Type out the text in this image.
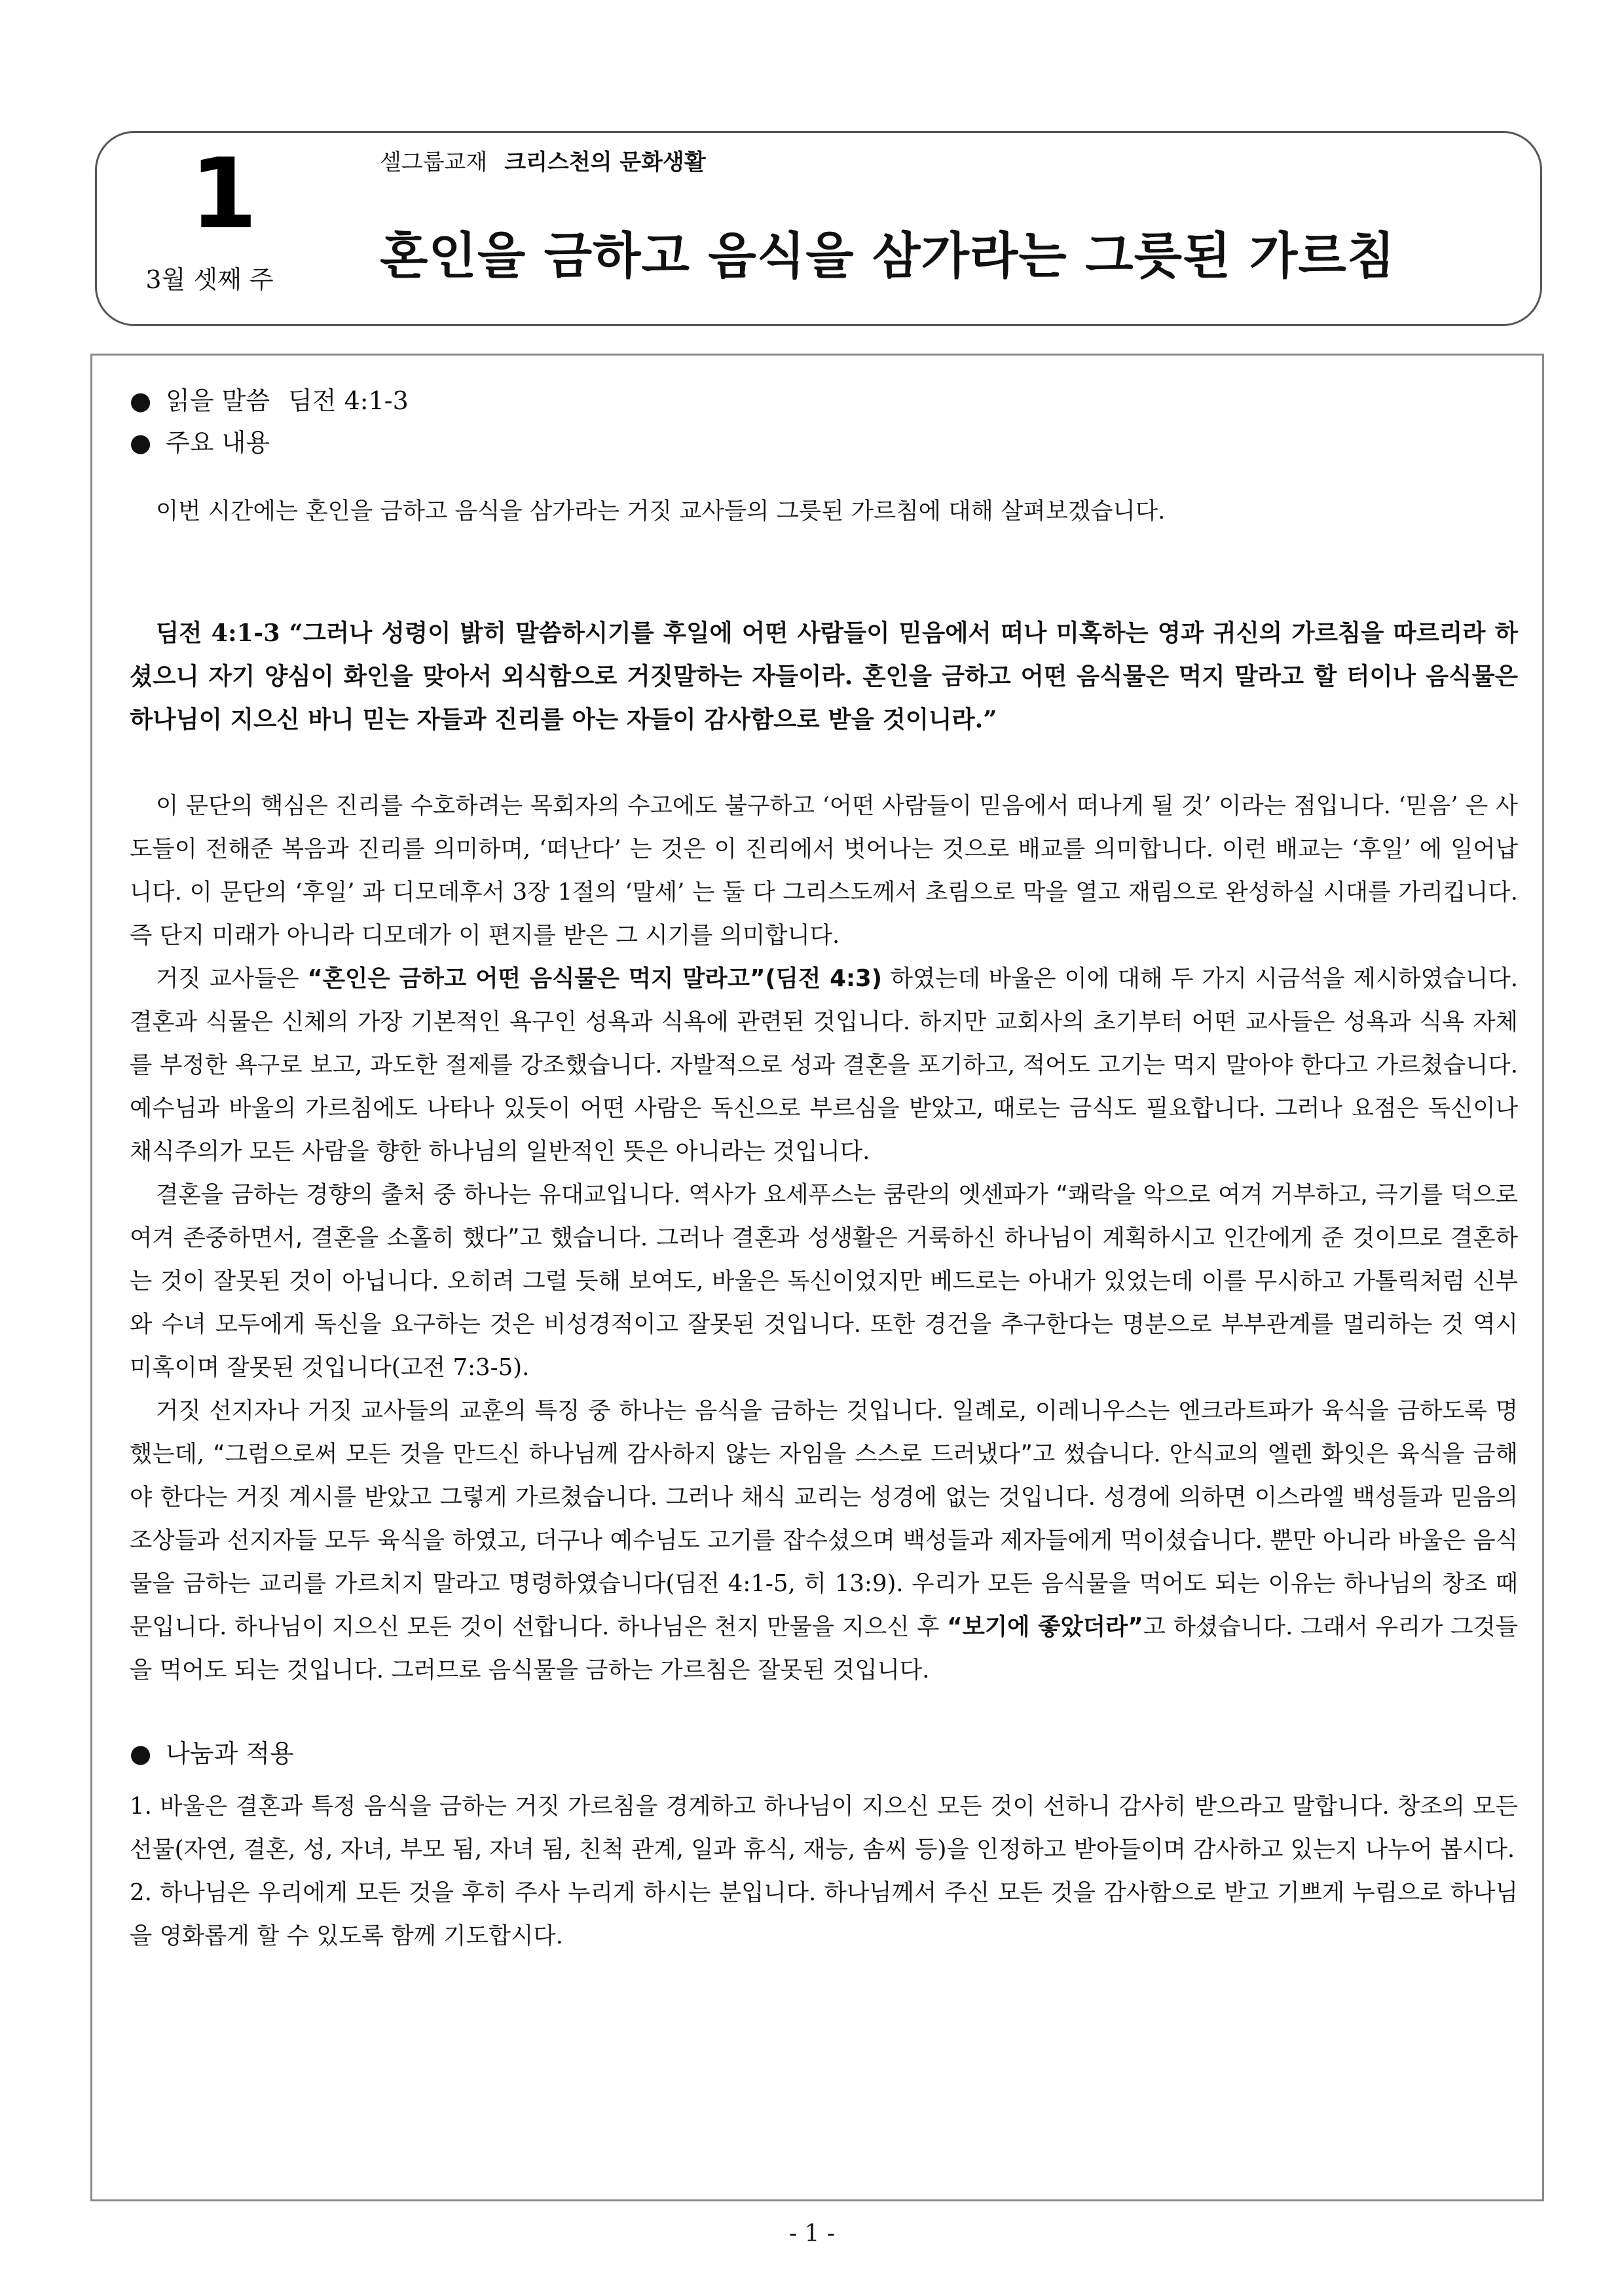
1
3월 셋째 주
셀그룹교재 크리스천의 문화생활
혼인을 금하고 음식을 삼가라는 그릇된 가르침
● 읽을 말씀 딤전 4:1-3
● 주요 내용

이번 시간에는 혼인을 금하고 음식을 삼가라는 거짓 교사들의 그릇된 가르침에 대해 살펴보겠습니다.

딤전 4:1-3 “그러나 성령이 밝히 말씀하시기를 후일에 어떤 사람들이 믿음에서 떠나 미혹하는 영과 귀신의 가르침을 따르리라 하셨으니 자기 양심이 화인을 맞아서 외식함으로 거짓말하는 자들이라. 혼인을 금하고 어떤 음식물은 먹지 말라고 할 터이나 음식물은 하나님이 지으신 바니 믿는 자들과 진리를 아는 자들이 감사함으로 받을 것이니라.”

이 문단의 핵심은 진리를 수호하려는 목회자의 수고에도 불구하고 ‘어떤 사람들이 믿음에서 떠나게 될 것’ 이라는 점입니다. ‘믿음’ 은 사도들이 전해준 복음과 진리를 의미하며, ‘떠난다’ 는 것은 이 진리에서 벗어나는 것으로 배교를 의미합니다. 이런 배교는 ‘후일’ 에 일어납니다. 이 문단의 ‘후일’ 과 디모데후서 3장 1절의 ‘말세’ 는 둘 다 그리스도께서 초림으로 막을 열고 재림으로 완성하실 시대를 가리킵니다. 즉 단지 미래가 아니라 디모데가 이 편지를 받은 그 시기를 의미합니다.

거짓 교사들은 “혼인은 금하고 어떤 음식물은 먹지 말라고”(딤전 4:3) 하였는데 바울은 이에 대해 두 가지 시금석을 제시하였습니다. 결혼과 식물은 신체의 가장 기본적인 욕구인 성욕과 식욕에 관련된 것입니다. 하지만 교회사의 초기부터 어떤 교사들은 성욕과 식욕 자체를 부정한 욕구로 보고, 과도한 절제를 강조했습니다. 자발적으로 성과 결혼을 포기하고, 적어도 고기는 먹지 말아야 한다고 가르쳤습니다. 예수님과 바울의 가르침에도 나타나 있듯이 어떤 사람은 독신으로 부르심을 받았고, 때로는 금식도 필요합니다. 그러나 요점은 독신이나 채식주의가 모든 사람을 향한 하나님의 일반적인 뜻은 아니라는 것입니다.

결혼을 금하는 경향의 출처 중 하나는 유대교입니다. 역사가 요세푸스는 쿰란의 엣센파가 “쾌락을 악으로 여겨 거부하고, 극기를 덕으로 여겨 존중하면서, 결혼을 소홀히 했다”고 했습니다. 그러나 결혼과 성생활은 거룩하신 하나님이 계획하시고 인간에게 준 것이므로 결혼하는 것이 잘못된 것이 아닙니다. 오히려 그럴 듯해 보여도, 바울은 독신이었지만 베드로는 아내가 있었는데 이를 무시하고 가톨릭처럼 신부와 수녀 모두에게 독신을 요구하는 것은 비성경적이고 잘못된 것입니다. 또한 경건을 추구한다는 명분으로 부부관계를 멀리하는 것 역시 미혹이며 잘못된 것입니다(고전 7:3-5).

거짓 선지자나 거짓 교사들의 교훈의 특징 중 하나는 음식을 금하는 것입니다. 일례로, 이레니우스는 엔크라트파가 육식을 금하도록 명했는데, “그럼으로써 모든 것을 만드신 하나님께 감사하지 않는 자임을 스스로 드러냈다”고 썼습니다. 안식교의 엘렌 화잇은 육식을 금해야 한다는 거짓 계시를 받았고 그렇게 가르쳤습니다. 그러나 채식 교리는 성경에 없는 것입니다. 성경에 의하면 이스라엘 백성들과 믿음의 조상들과 선지자들 모두 육식을 하였고, 더구나 예수님도 고기를 잡수셨으며 백성들과 제자들에게 먹이셨습니다. 뿐만 아니라 바울은 음식물을 금하는 교리를 가르치지 말라고 명령하였습니다(딤전 4:1-5, 히 13:9). 우리가 모든 음식물을 먹어도 되는 이유는 하나님의 창조 때문입니다. 하나님이 지으신 모든 것이 선합니다. 하나님은 천지 만물을 지으신 후 “보기에 좋았더라”고 하셨습니다. 그래서 우리가 그것들을 먹어도 되는 것입니다. 그러므로 음식물을 금하는 가르침은 잘못된 것입니다.

● 나눔과 적용

1. 바울은 결혼과 특정 음식을 금하는 거짓 가르침을 경계하고 하나님이 지으신 모든 것이 선하니 감사히 받으라고 말합니다. 창조의 모든 선물(자연, 결혼, 성, 자녀, 부모 됨, 자녀 됨, 친척 관계, 일과 휴식, 재능, 솜씨 등)을 인정하고 받아들이며 감사하고 있는지 나누어 봅시다.

2. 하나님은 우리에게 모든 것을 후히 주사 누리게 하시는 분입니다. 하나님께서 주신 모든 것을 감사함으로 받고 기쁘게 누림으로 하나님을 영화롭게 할 수 있도록 함께 기도합시다.

- 1 -
